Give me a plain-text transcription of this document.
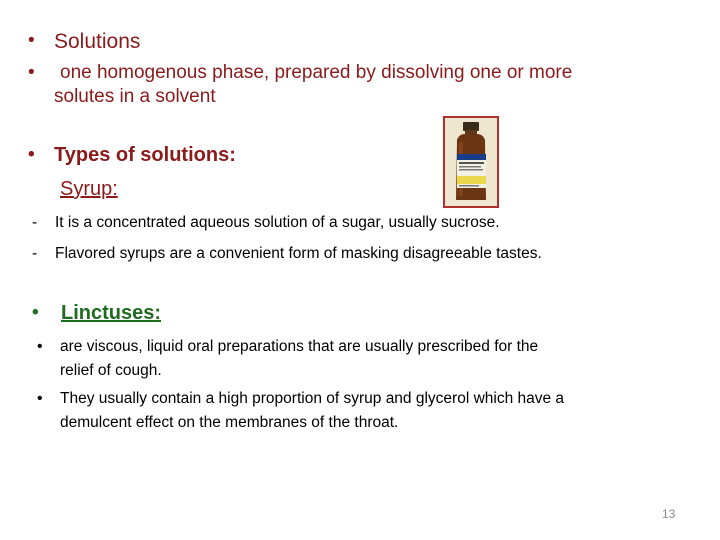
• Solutions
• one homogenous phase, prepared by dissolving one or more
solutes in a solvent
• Types of solutions:
Syrup:
- It is a concentrated aqueous solution of a sugar, usually sucrose.
- Flavored syrups are a convenient form of masking disagreeable tastes.
• Linctuses:
• are viscous, liquid oral preparations that are usually prescribed for the
relief of cough.
• They usually contain a high proportion of syrup and glycerol which have a
demulcent effect on the membranes of the throat.
13
